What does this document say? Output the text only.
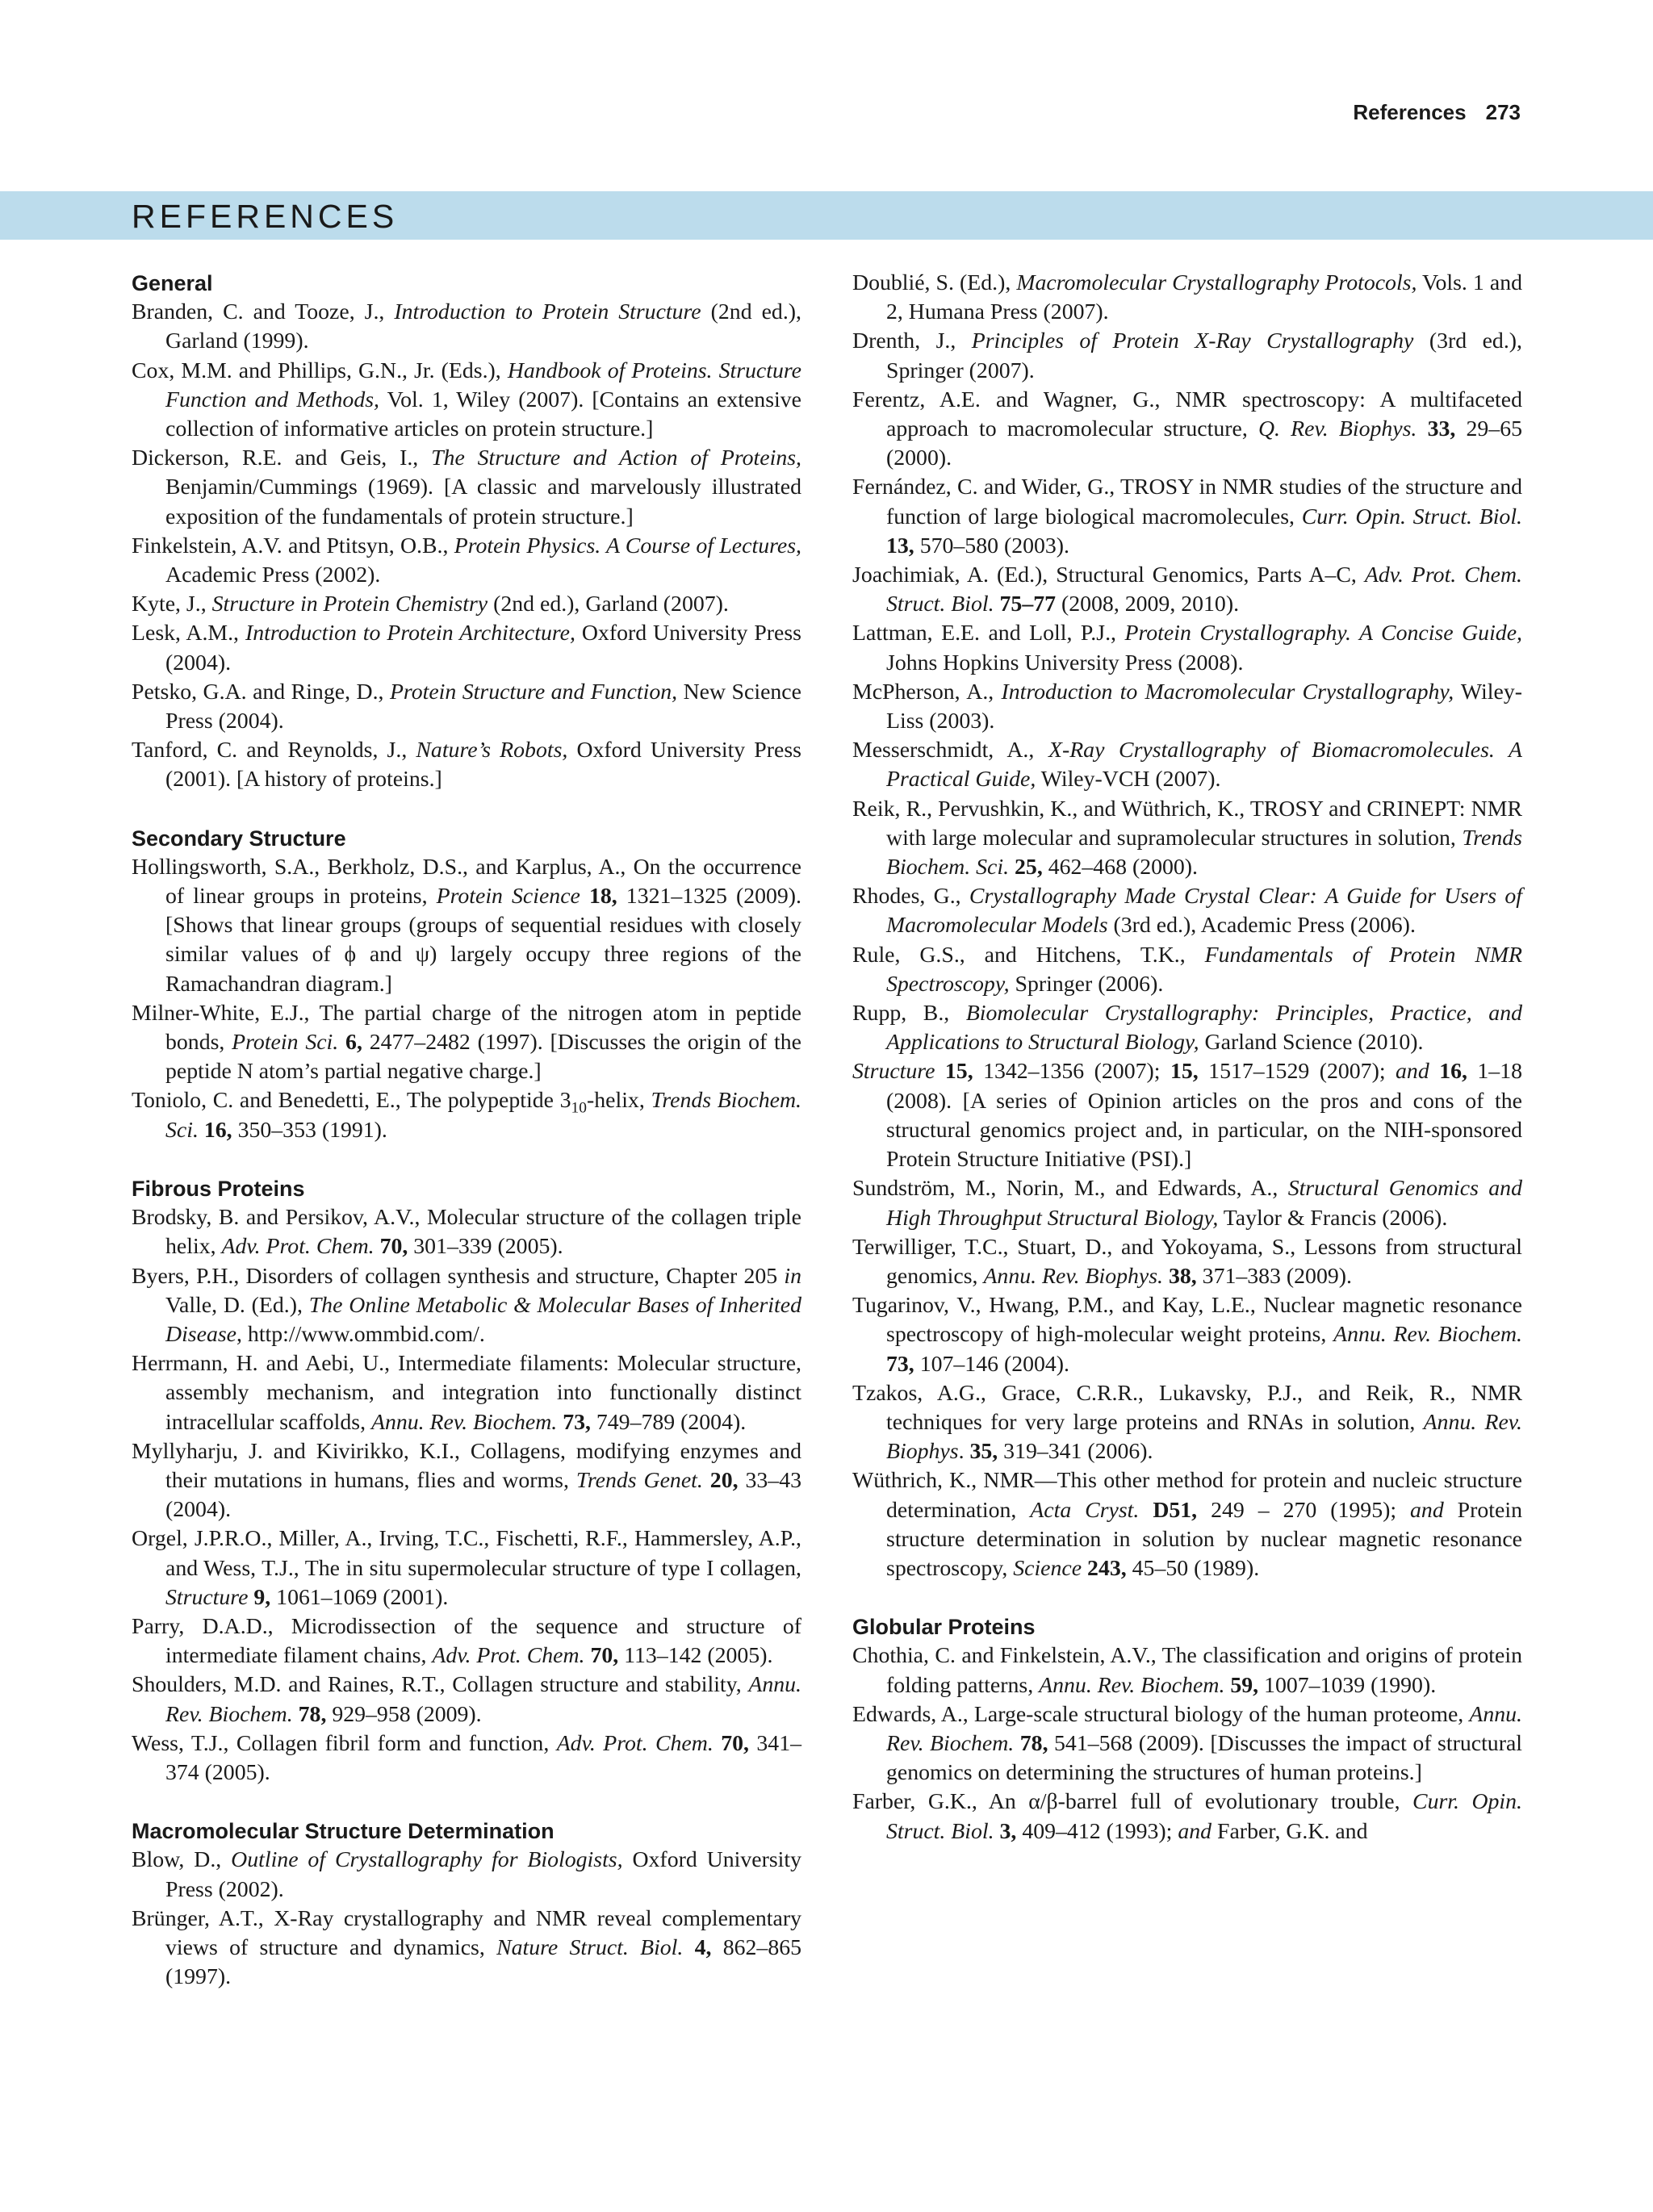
References 273
REFERENCES
General

Branden, C. and Tooze, J., Introduction to Protein Structure (2nd ed.), Garland (1999).

Cox, M.M. and Phillips, G.N., Jr. (Eds.), Handbook of Proteins. Structure Function and Methods, Vol. 1, Wiley (2007). [Contains an extensive collection of informative articles on protein structure.]

Dickerson, R.E. and Geis, I., The Structure and Action of Proteins, Benjamin/Cummings (1969). [A classic and marvelously illustrated exposition of the fundamentals of protein structure.]

Finkelstein, A.V. and Ptitsyn, O.B., Protein Physics. A Course of Lectures, Academic Press (2002).

Kyte, J., Structure in Protein Chemistry (2nd ed.), Garland (2007).

Lesk, A.M., Introduction to Protein Architecture, Oxford University Press (2004).

Petsko, G.A. and Ringe, D., Protein Structure and Function, New Science Press (2004).

Tanford, C. and Reynolds, J., Nature’s Robots, Oxford University Press (2001). [A history of proteins.]

Secondary Structure

Hollingsworth, S.A., Berkholz, D.S., and Karplus, A., On the occurrence of linear groups in proteins, Protein Science 18, 1321–1325 (2009). [Shows that linear groups (groups of sequential residues with closely similar values of ϕ and ψ) largely occupy three regions of the Ramachandran diagram.]

Milner-White, E.J., The partial charge of the nitrogen atom in peptide bonds, Protein Sci. 6, 2477–2482 (1997). [Discusses the origin of the peptide N atom’s partial negative charge.]

Toniolo, C. and Benedetti, E., The polypeptide $3_{10}$-helix, Trends Biochem. Sci. 16, 350–353 (1991).

Fibrous Proteins

Brodsky, B. and Persikov, A.V., Molecular structure of the collagen triple helix, Adv. Prot. Chem. 70, 301–339 (2005).

Byers, P.H., Disorders of collagen synthesis and structure, Chapter 205 in Valle, D. (Ed.), The Online Metabolic & Molecular Bases of Inherited Disease, http://www.ommbid.com/.

Herrmann, H. and Aebi, U., Intermediate filaments: Molecular structure, assembly mechanism, and integration into functionally distinct intracellular scaffolds, Annu. Rev. Biochem. 73, 749–789 (2004).

Myllyharju, J. and Kivirikko, K.I., Collagens, modifying enzymes and their mutations in humans, flies and worms, Trends Genet. 20, 33–43 (2004).

Orgel, J.P.R.O., Miller, A., Irving, T.C., Fischetti, R.F., Hammersley, A.P., and Wess, T.J., The in situ supermolecular structure of type I collagen, Structure 9, 1061–1069 (2001).

Parry, D.A.D., Microdissection of the sequence and structure of intermediate filament chains, Adv. Prot. Chem. 70, 113–142 (2005).

Shoulders, M.D. and Raines, R.T., Collagen structure and stability, Annu. Rev. Biochem. 78, 929–958 (2009).

Wess, T.J., Collagen fibril form and function, Adv. Prot. Chem. 70, 341–374 (2005).

Macromolecular Structure Determination

Blow, D., Outline of Crystallography for Biologists, Oxford University Press (2002).

Brünger, A.T., X-Ray crystallography and NMR reveal complementary views of structure and dynamics, Nature Struct. Biol. 4, 862–865 (1997).

Doublié, S. (Ed.), Macromolecular Crystallography Protocols, Vols. 1 and 2, Humana Press (2007).

Drenth, J., Principles of Protein X-Ray Crystallography (3rd ed.), Springer (2007).

Ferentz, A.E. and Wagner, G., NMR spectroscopy: A multifaceted approach to macromolecular structure, Q. Rev. Biophys. 33, 29–65 (2000).

Fernández, C. and Wider, G., TROSY in NMR studies of the structure and function of large biological macromolecules, Curr. Opin. Struct. Biol. 13, 570–580 (2003).

Joachimiak, A. (Ed.), Structural Genomics, Parts A–C, Adv. Prot. Chem. Struct. Biol. 75–77 (2008, 2009, 2010).

Lattman, E.E. and Loll, P.J., Protein Crystallography. A Concise Guide, Johns Hopkins University Press (2008).

McPherson, A., Introduction to Macromolecular Crystallography, Wiley-Liss (2003).

Messerschmidt, A., X-Ray Crystallography of Biomacromolecules. A Practical Guide, Wiley-VCH (2007).

Reik, R., Pervushkin, K., and Wüthrich, K., TROSY and CRINEPT: NMR with large molecular and supramolecular structures in solution, Trends Biochem. Sci. 25, 462–468 (2000).

Rhodes, G., Crystallography Made Crystal Clear: A Guide for Users of Macromolecular Models (3rd ed.), Academic Press (2006).

Rule, G.S., and Hitchens, T.K., Fundamentals of Protein NMR Spectroscopy, Springer (2006).

Rupp, B., Biomolecular Crystallography: Principles, Practice, and Applications to Structural Biology, Garland Science (2010).

Structure 15, 1342–1356 (2007); 15, 1517–1529 (2007); and 16, 1–18 (2008). [A series of Opinion articles on the pros and cons of the structural genomics project and, in particular, on the NIH-sponsored Protein Structure Initiative (PSI).]

Sundström, M., Norin, M., and Edwards, A., Structural Genomics and High Throughput Structural Biology, Taylor & Francis (2006).

Terwilliger, T.C., Stuart, D., and Yokoyama, S., Lessons from structural genomics, Annu. Rev. Biophys. 38, 371–383 (2009).

Tugarinov, V., Hwang, P.M., and Kay, L.E., Nuclear magnetic resonance spectroscopy of high-molecular weight proteins, Annu. Rev. Biochem. 73, 107–146 (2004).

Tzakos, A.G., Grace, C.R.R., Lukavsky, P.J., and Reik, R., NMR techniques for very large proteins and RNAs in solution, Annu. Rev. Biophys. 35, 319–341 (2006).

Wüthrich, K., NMR—This other method for protein and nucleic structure determination, Acta Cryst. D51, 249 – 270 (1995); and Protein structure determination in solution by nuclear magnetic resonance spectroscopy, Science 243, 45–50 (1989).

Globular Proteins

Chothia, C. and Finkelstein, A.V., The classification and origins of protein folding patterns, Annu. Rev. Biochem. 59, 1007–1039 (1990).

Edwards, A., Large-scale structural biology of the human proteome, Annu. Rev. Biochem. 78, 541–568 (2009). [Discusses the impact of structural genomics on determining the structures of human proteins.]

Farber, G.K., An α/β-barrel full of evolutionary trouble, Curr. Opin. Struct. Biol. 3, 409–412 (1993); and Farber, G.K. and
